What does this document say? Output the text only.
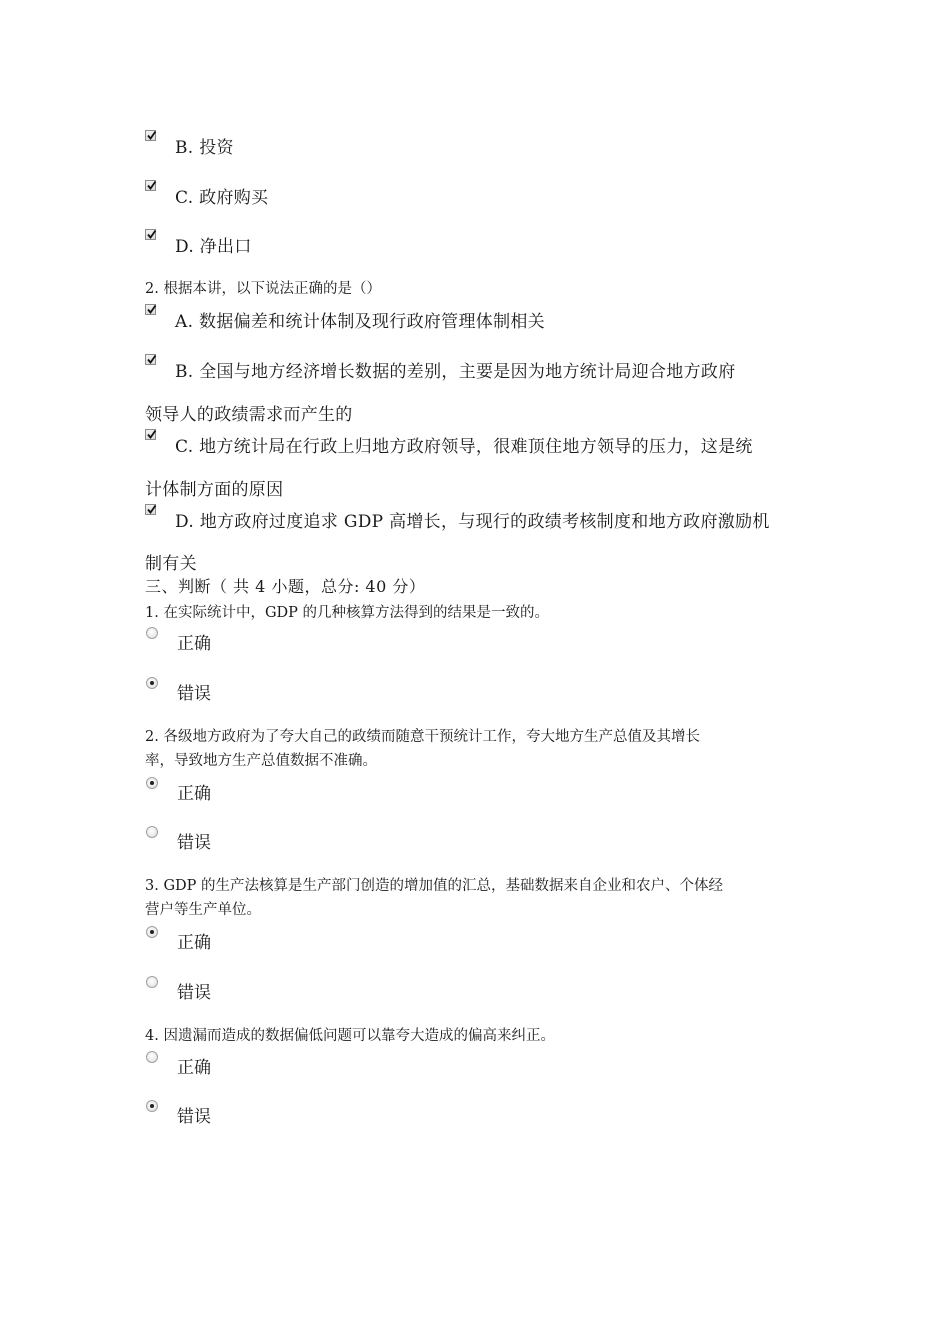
B. 投资
C. 政府购买
D. 净出口
2. 根据本讲，以下说法正确的是（）
A. 数据偏差和统计体制及现行政府管理体制相关
B. 全国与地方经济增长数据的差别，主要是因为地方统计局迎合地方政府
领导人的政绩需求而产生的
C. 地方统计局在行政上归地方政府领导，很难顶住地方领导的压力，这是统
计体制方面的原因
D. 地方政府过度追求 GDP 高增长，与现行的政绩考核制度和地方政府激励机
制有关
三、判断（ 共 4 小题，总分: 40 分）
1. 在实际统计中，GDP 的几种核算方法得到的结果是一致的。
正确
错误
2. 各级地方政府为了夸大自己的政绩而随意干预统计工作，夸大地方生产总值及其增长
率，导致地方生产总值数据不准确。
正确
错误
3. GDP 的生产法核算是生产部门创造的增加值的汇总，基础数据来自企业和农户、个体经
营户等生产单位。
正确
错误
4. 因遗漏而造成的数据偏低问题可以靠夸大造成的偏高来纠正。
正确
错误
